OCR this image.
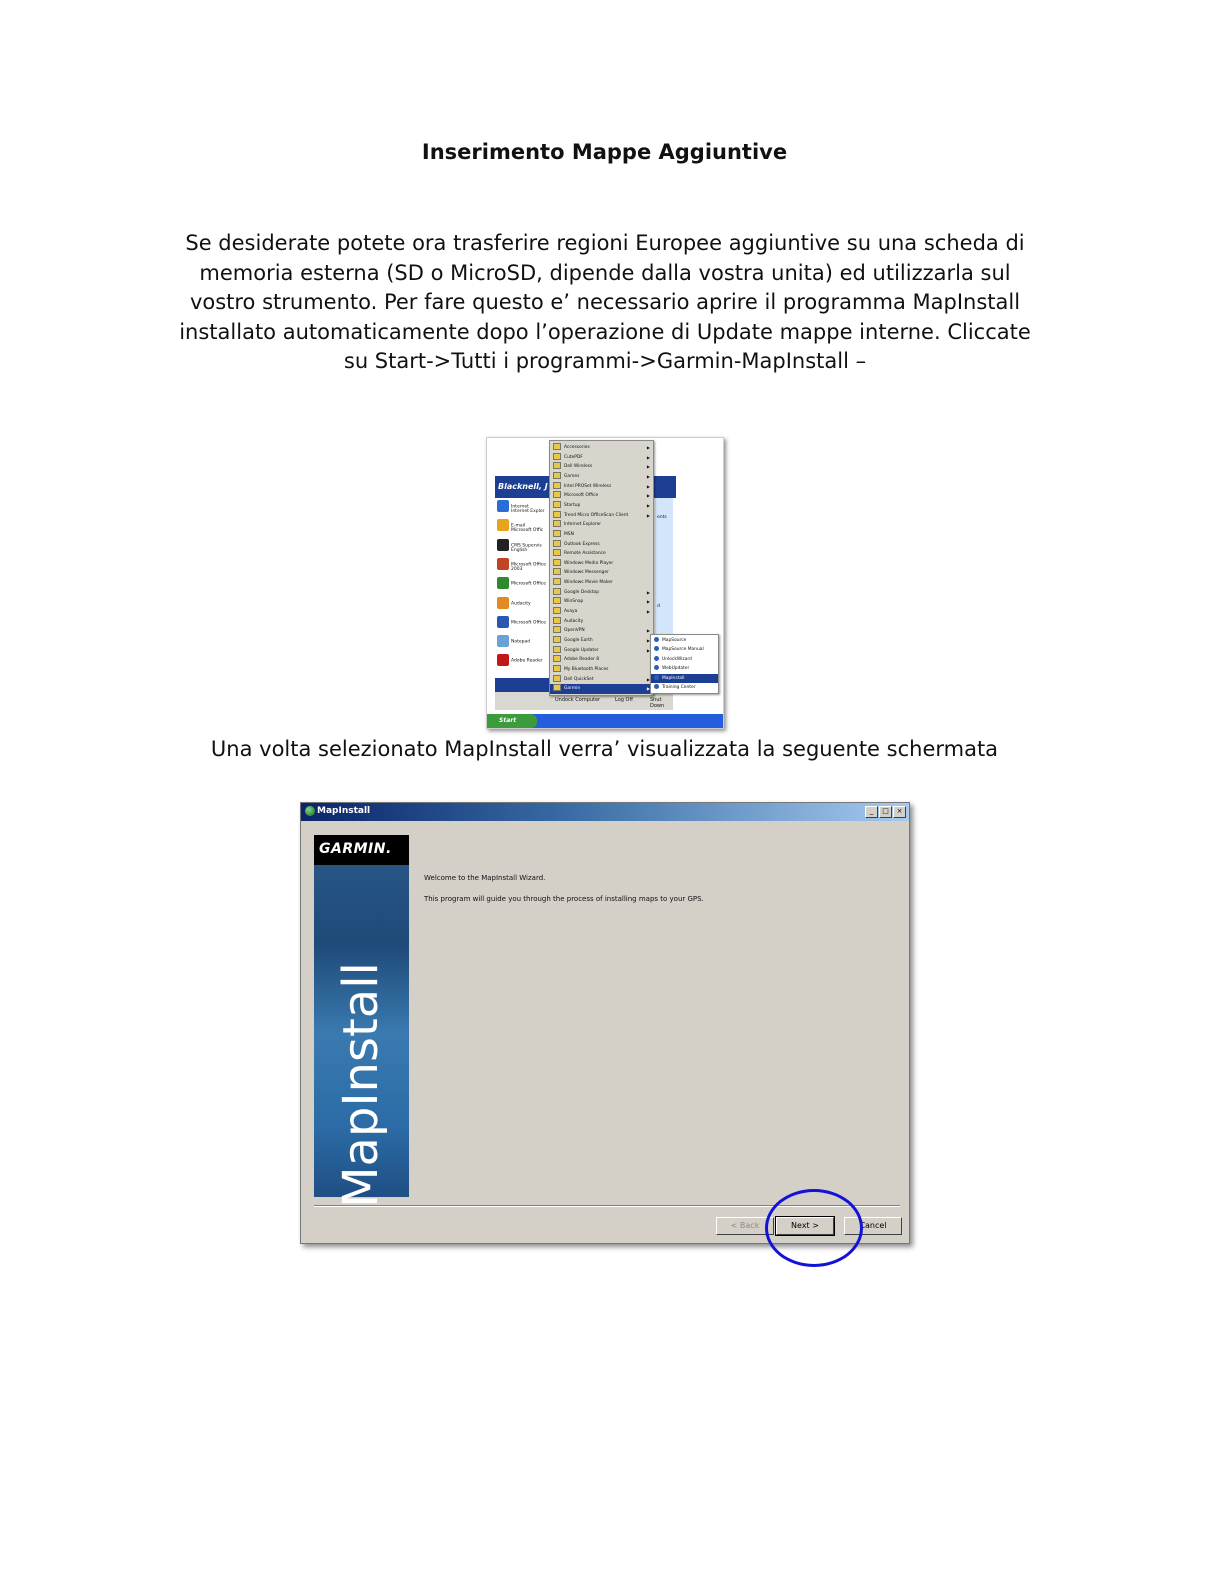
Inserimento Mappe Aggiuntive
Se desiderate potete ora trasferire regioni Europee aggiuntive su una scheda di memoria esterna (SD o MicroSD, dipende dalla vostra unita) ed utilizzarla sul vostro strumento. Per fare questo e’ necessario aprire il programma MapInstall installato automaticamente dopo l’operazione di Update mappe interne. Cliccate su Start->Tutti i programmi->Garmin-MapInstall –
Blacknell, J
ents
d
Internet
Internet Explor
E-mail
Microsoft Offic
CMS Supervis
English
Microsoft Office
2003
Microsoft Office
Audacity
Microsoft Office
Notepad
Adobe Reader
Undock Computer	Log Off	Shut Down
Start
Accessories	▶
CutePDF	▶
Dell Wireless	▶
Games	▶
Intel PROSet Wireless	▶
Microsoft Office	▶
Startup	▶
Trend Micro OfficeScan Client	▶
Internet Explorer
MSN
Outlook Express
Remote Assistance
Windows Media Player
Windows Messenger
Windows Movie Maker
Google Desktop	▶
WinSnap	▶
Avaya	▶
Audacity
OpenVPN	▶
Google Earth	▶
Google Updater	▶
Adobe Reader 8
My Bluetooth Places
Dell QuickSet	▶
Garmin	▶
MapSource
MapSource Manual
UnlockWizard
WebUpdater
MapInstall
Training Center
Una volta selezionato MapInstall verra’ visualizzata la seguente schermata
MapInstall	_	□	×
GARMIN.
MapInstall
Welcome to the MapInstall Wizard.
This program will guide you through the process of installing maps to your GPS.
< Back	Next >	Cancel
